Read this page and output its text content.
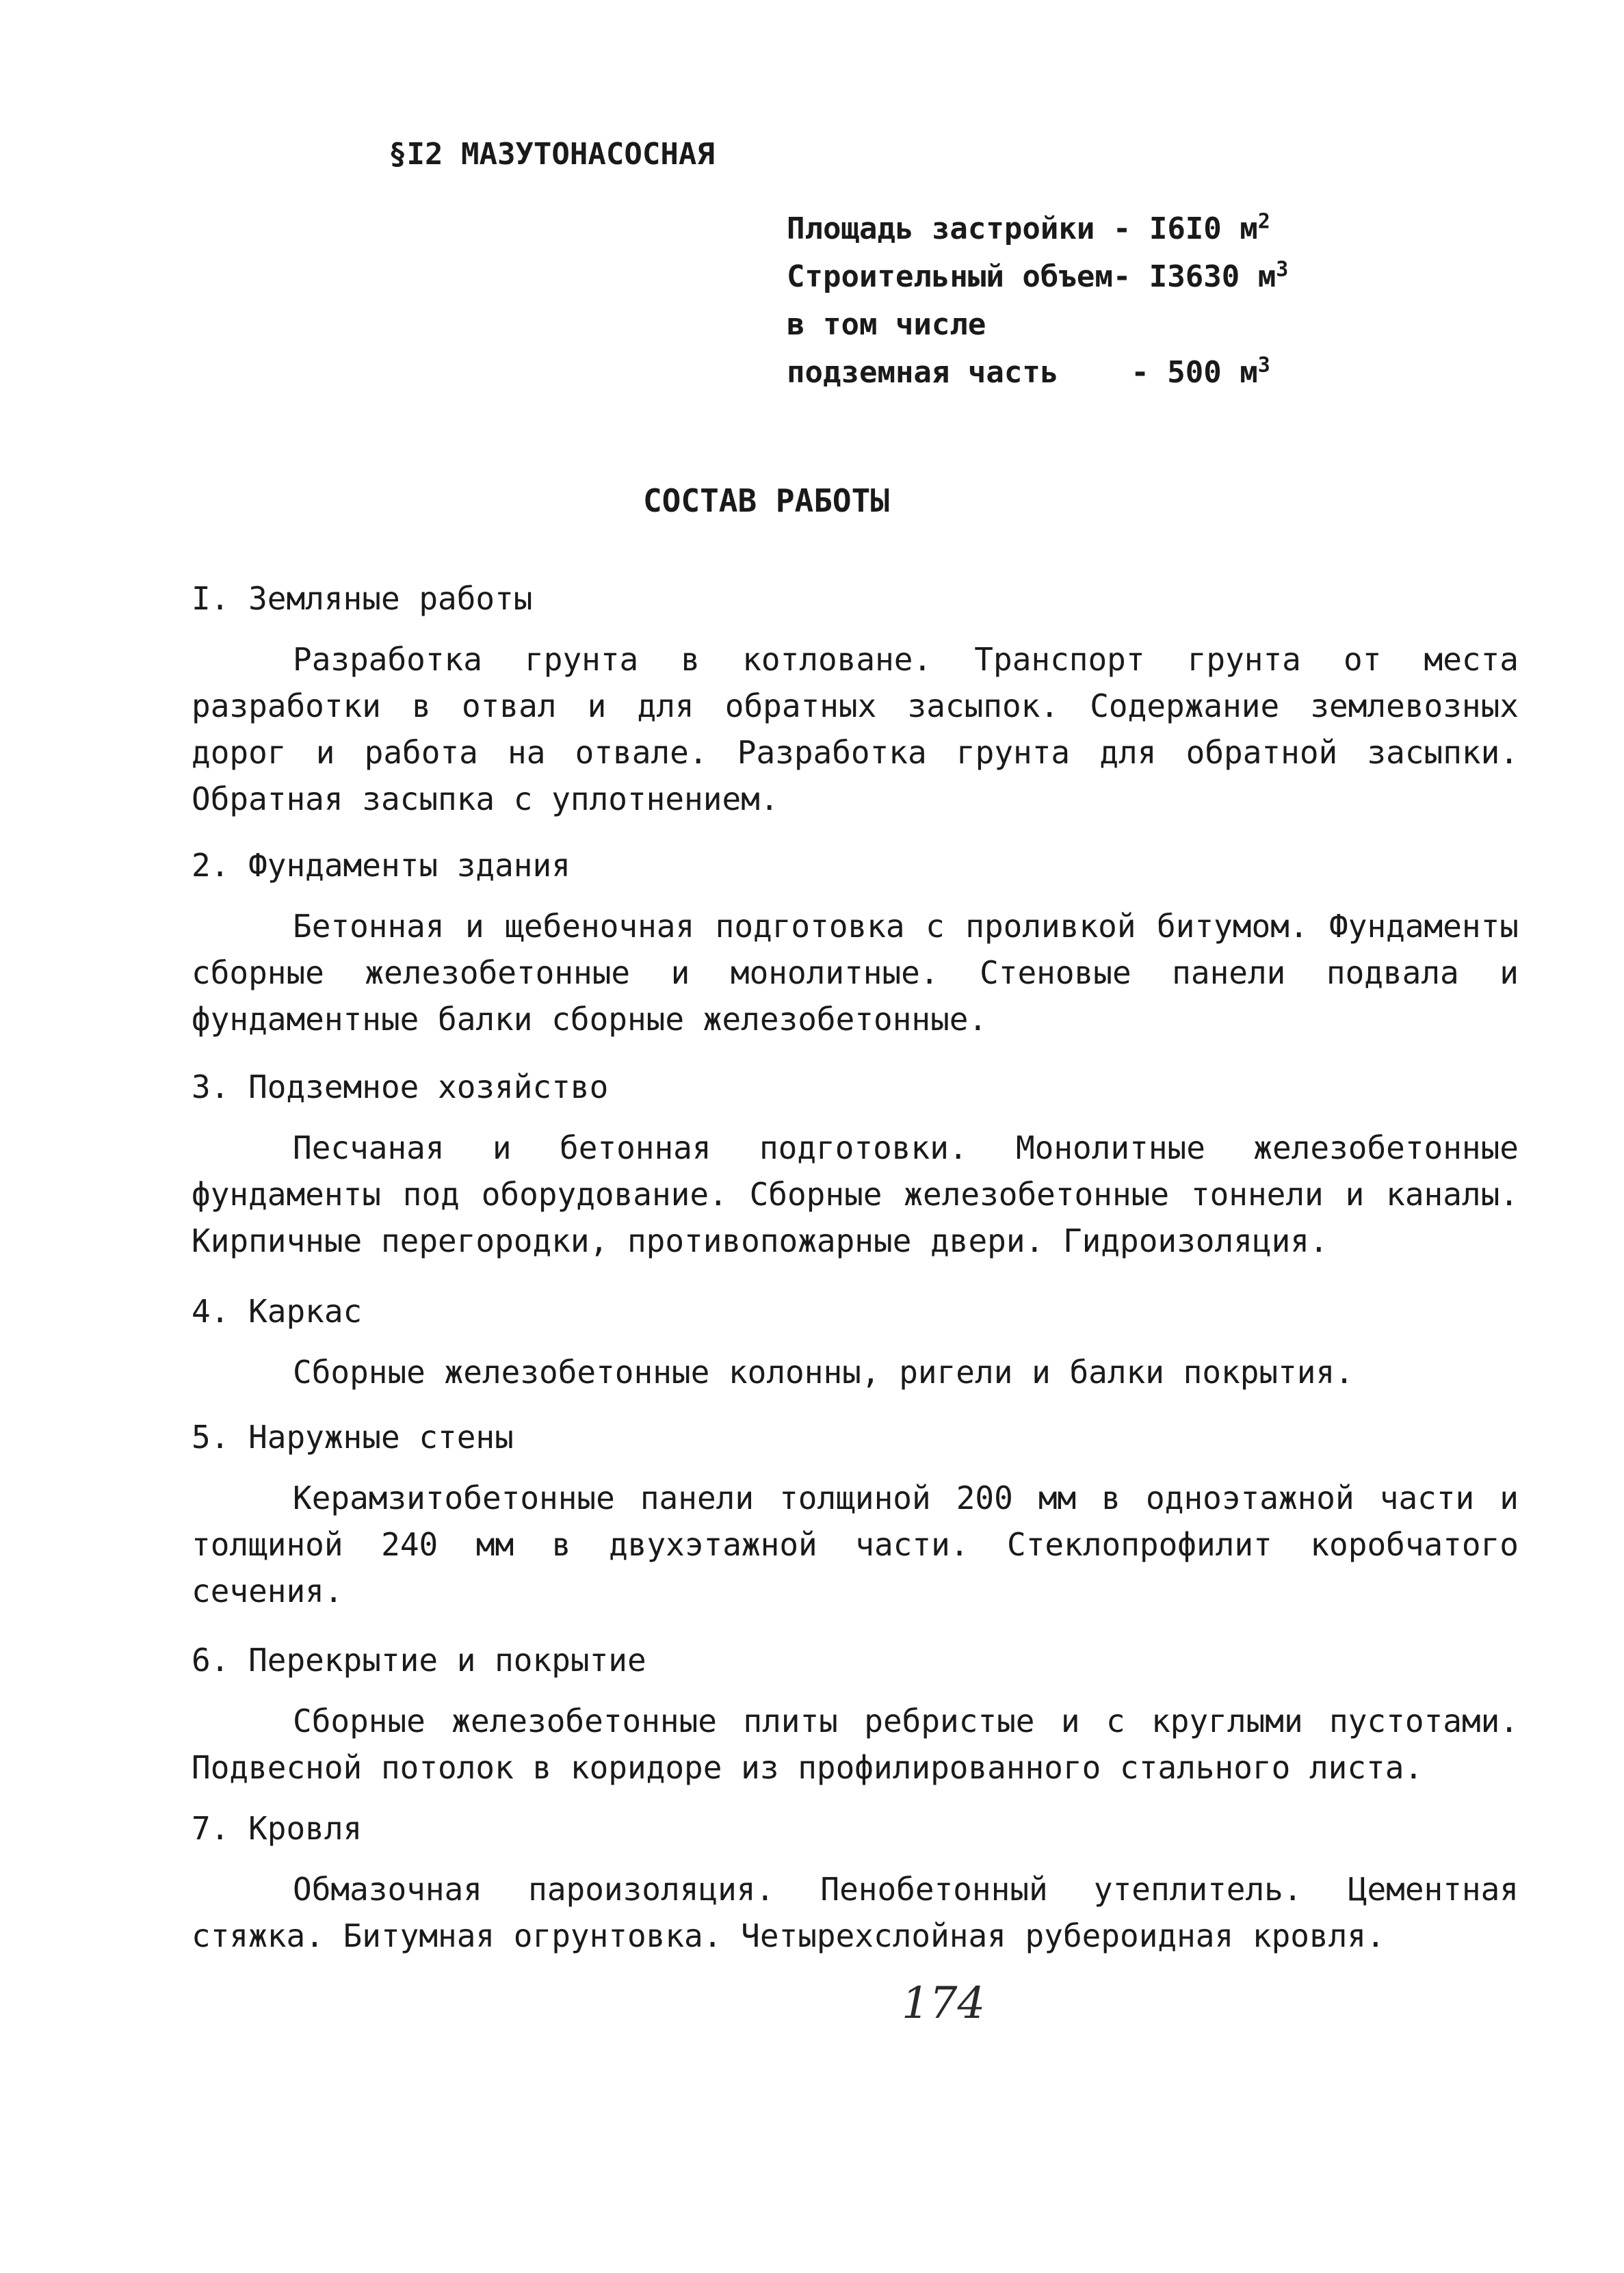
§I2 МАЗУТОНАСОСНАЯ
Площадь застройки - I6I0 $м^2$
Строительный объем- I3630 $м^3$
в том числе
подземная часть - 500 $м^3$
СОСТАВ РАБОТЫ
I. Земляные работы
Разработка грунта в котловане. Транспорт грунта от места разработки в отвал и для обратных засыпок. Содержание землевозных дорог и работа на отвале. Разработка грунта для обратной засыпки. Обратная засыпка с уплотнением.
2. Фундаменты здания
Бетонная и щебеночная подготовка с проливкой битумом. Фундаменты сборные железобетонные и монолитные. Стеновые панели подвала и фундаментные балки сборные железобетонные.
3. Подземное хозяйство
Песчаная и бетонная подготовки. Монолитные железобетонные фундаменты под оборудование. Сборные железобетонные тоннели и каналы. Кирпичные перегородки, противопожарные двери. Гидроизоляция.
4. Каркас
Сборные железобетонные колонны, ригели и балки покрытия.
5. Наружные стены
Керамзитобетонные панели толщиной 200 мм в одноэтажной части и толщиной 240 мм в двухэтажной части. Стеклопрофилит коробчатого сечения.
6. Перекрытие и покрытие
Сборные железобетонные плиты ребристые и с круглыми пустотами. Подвесной потолок в коридоре из профилированного стального листа.
7. Кровля
Обмазочная пароизоляция. Пенобетонный утеплитель. Цементная стяжка. Битумная огрунтовка. Четырехслойная рубероидная кровля.
174
